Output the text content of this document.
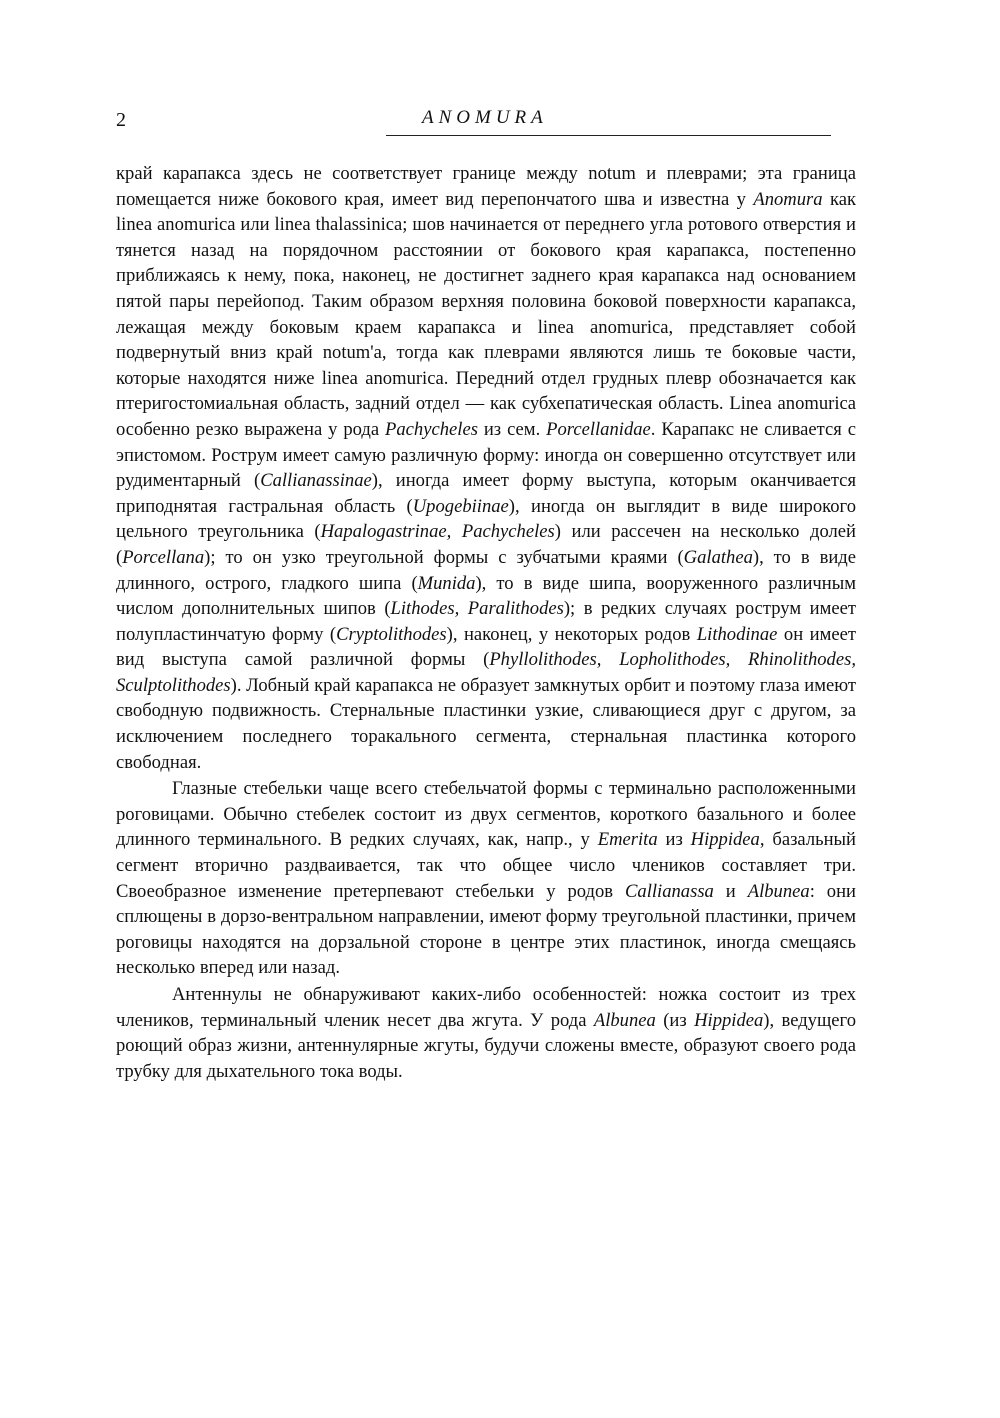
2	ANOMURA

край карапакса здесь не соответствует границе между notum и плеврами; эта граница помещается ниже бокового края, имеет вид перепончатого шва и известна у Anomura как linea anomurica или linea thalassinica; шов начинается от переднего угла ротового отверстия и тянется назад на порядочном расстоянии от бокового края карапакса, постепенно приближаясь к нему, пока, наконец, не достигнет заднего края карапакса над основанием пятой пары перейопод. Таким образом верхняя половина боковой поверхности карапакса, лежащая между боковым краем карапакса и linea anomurica, представляет собой подвернутый вниз край notum'a, тогда как плеврами являются лишь те боковые части, которые находятся ниже linea anomurica. Передний отдел грудных плевр обозначается как птеригостомиальная область, задний отдел — как субхепатическая область. Linea anomurica особенно резко выражена у рода Pachycheles из сем. Porcellanidae. Карапакс не сливается с эпистомом. Рострум имеет самую различную форму: иногда он совершенно отсутствует или рудиментарный (Callianassinae), иногда имеет форму выступа, которым оканчивается приподнятая гастральная область (Upogebiinae), иногда он выглядит в виде широкого цельного треугольника (Hapalogastrinae, Pachycheles) или рассечен на несколько долей (Porcellana); то он узко треугольной формы с зубчатыми краями (Galathea), то в виде длинного, острого, гладкого шипа (Munida), то в виде шипа, вооруженного различным числом дополнительных шипов (Lithodes, Paralithodes); в редких случаях рострум имеет полупластинчатую форму (Cryptolithodes), наконец, у некоторых родов Lithodinae он имеет вид выступа самой различной формы (Phyllolithodes, Lopholithodes, Rhinolithodes, Sculptolithodes). Лобный край карапакса не образует замкнутых орбит и поэтому глаза имеют свободную подвижность. Стернальные пластинки узкие, сливающиеся друг с другом, за исключением последнего торакального сегмента, стернальная пластинка которого свободная.

Глазные стебельки чаще всего стебельчатой формы с терминально расположенными роговицами. Обычно стебелек состоит из двух сегментов, короткого базального и более длинного терминального. В редких случаях, как, напр., у Emerita из Hippidea, базальный сегмент вторично раздваивается, так что общее число члеников составляет три. Своеобразное изменение претерпевают стебельки у родов Callianassa и Albunea: они сплющены в дорзо-вентральном направлении, имеют форму треугольной пластинки, причем роговицы находятся на дорзальной стороне в центре этих пластинок, иногда смещаясь несколько вперед или назад.

Антеннулы не обнаруживают каких-либо особенностей: ножка состоит из трех члеников, терминальный членик несет два жгута. У рода Albunea (из Hippidea), ведущего роющий образ жизни, антеннулярные жгуты, будучи сложены вместе, образуют своего рода трубку для дыхательного тока воды.
